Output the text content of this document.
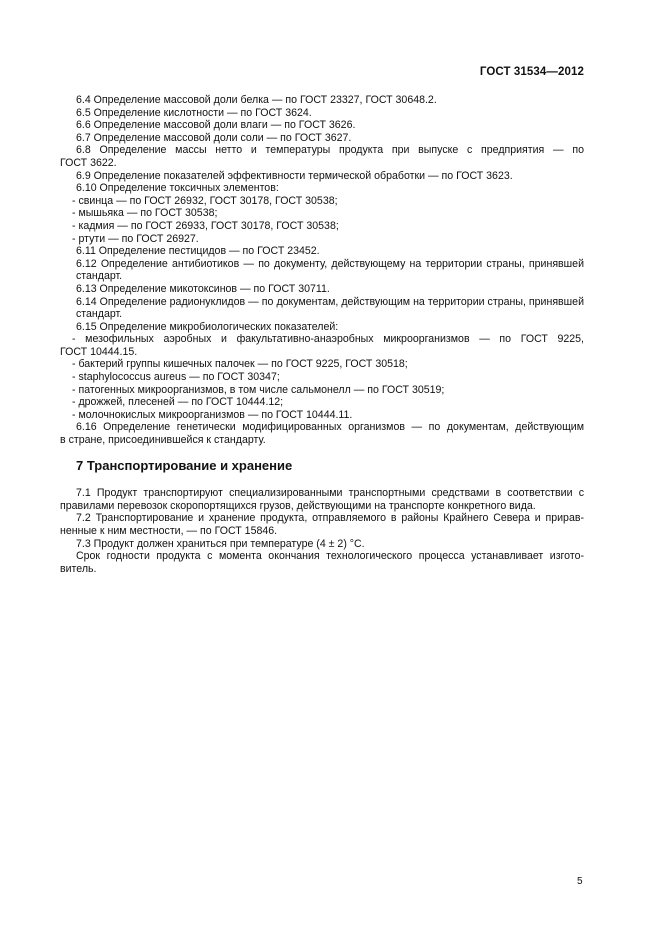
ГОСТ 31534—2012
6.4 Определение массовой доли белка — по ГОСТ 23327, ГОСТ 30648.2.
6.5 Определение кислотности — по ГОСТ 3624.
6.6 Определение массовой доли влаги — по ГОСТ 3626.
6.7 Определение массовой доли соли — по ГОСТ 3627.
6.8 Определение массы нетто и температуры продукта при выпуске с предприятия — по
ГОСТ 3622.
6.9 Определение показателей эффективности термической обработки — по ГОСТ 3623.
6.10 Определение токсичных элементов:
- свинца — по ГОСТ 26932, ГОСТ 30178, ГОСТ 30538;
- мышьяка — по ГОСТ 30538;
- кадмия — по ГОСТ 26933, ГОСТ 30178, ГОСТ 30538;
- ртути — по ГОСТ 26927.
6.11 Определение пестицидов — по ГОСТ 23452.
6.12 Определение антибиотиков — по документу, действующему на территории страны, принявшей стандарт.
6.13 Определение микотоксинов — по ГОСТ 30711.
6.14 Определение радионуклидов — по документам, действующим на территории страны, принявшей стандарт.
6.15 Определение микробиологических показателей:
- мезофильных аэробных и факультативно-анаэробных микроорганизмов — по ГОСТ 9225,
ГОСТ 10444.15.
- бактерий группы кишечных палочек — по ГОСТ 9225, ГОСТ 30518;
- staphylococcus aureus — по ГОСТ 30347;
- патогенных микроорганизмов, в том числе сальмонелл — по ГОСТ 30519;
- дрожжей, плесеней — по ГОСТ 10444.12;
- молочнокислых микроорганизмов — по ГОСТ 10444.11.
6.16 Определение генетически модифицированных организмов — по документам, действующим
в стране, присоединившейся к стандарту.
7 Транспортирование и хранение
7.1 Продукт транспортируют специализированными транспортными средствами в соответствии с
правилами перевозок скоропортящихся грузов, действующими на транспорте конкретного вида.
7.2 Транспортирование и хранение продукта, отправляемого в районы Крайнего Севера и прирав-
ненные к ним местности, — по ГОСТ 15846.
7.3 Продукт должен храниться при температуре (4 ± 2) °С.
Срок годности продукта с момента окончания технологического процесса устанавливает изгото-
витель.
5
